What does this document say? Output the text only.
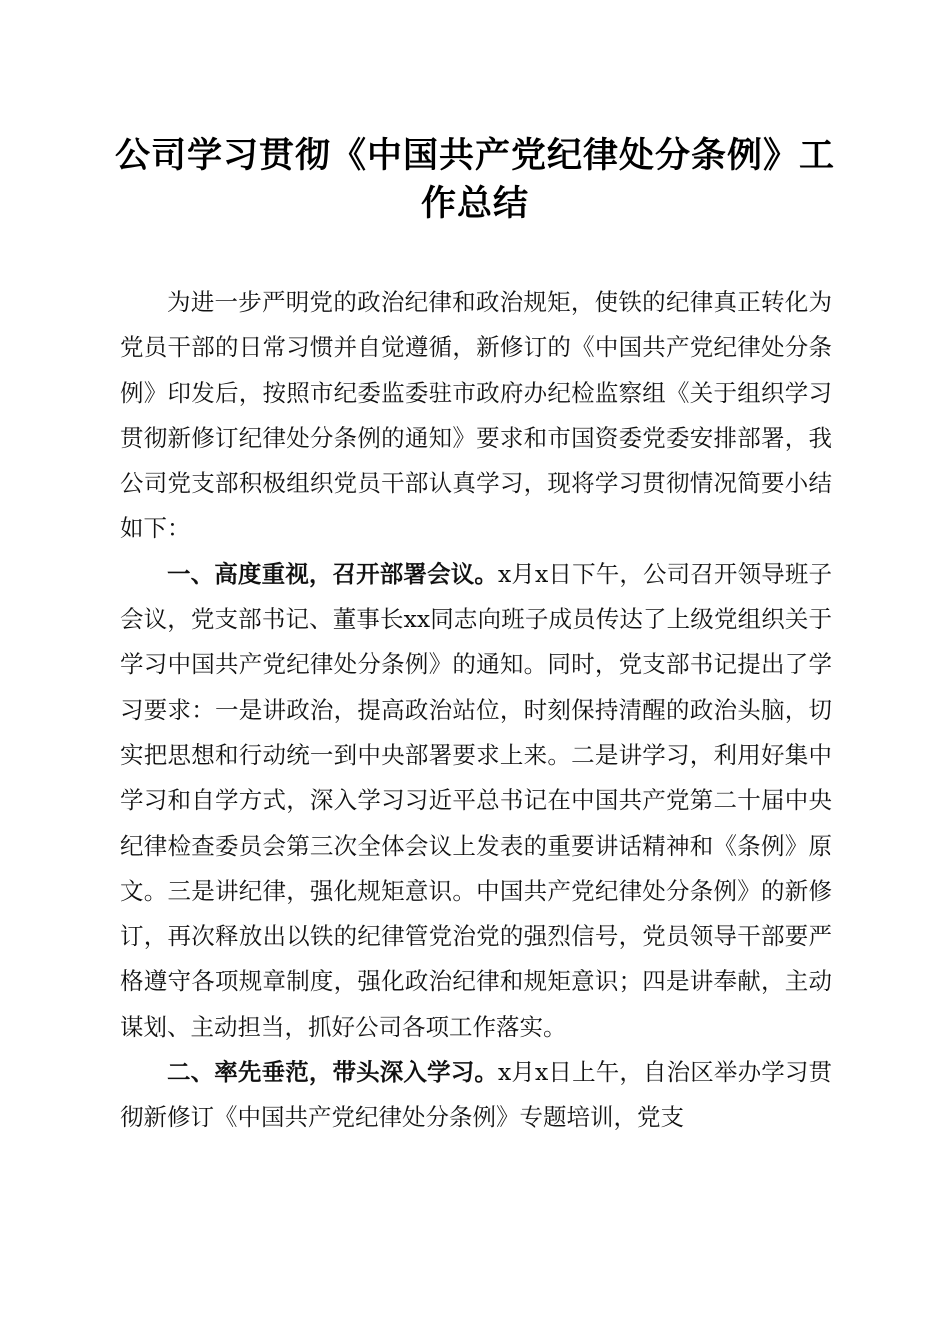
公司学习贯彻《中国共产党纪律处分条例》工作总结

为进一步严明党的政治纪律和政治规矩，使铁的纪律真正转化为党员干部的日常习惯并自觉遵循，新修订的《中国共产党纪律处分条例》印发后，按照市纪委监委驻市政府办纪检监察组《关于组织学习贯彻新修订纪律处分条例的通知》要求和市国资委党委安排部署，我公司党支部积极组织党员干部认真学习，现将学习贯彻情况简要小结如下：

一、高度重视，召开部署会议。x月x日下午，公司召开领导班子会议，党支部书记、董事长xx同志向班子成员传达了上级党组织关于学习中国共产党纪律处分条例》的通知。同时，党支部书记提出了学习要求：一是讲政治，提高政治站位，时刻保持清醒的政治头脑，切实把思想和行动统一到中央部署要求上来。二是讲学习，利用好集中学习和自学方式，深入学习习近平总书记在中国共产党第二十届中央纪律检查委员会第三次全体会议上发表的重要讲话精神和《条例》原文。三是讲纪律，强化规矩意识。中国共产党纪律处分条例》的新修订，再次释放出以铁的纪律管党治党的强烈信号，党员领导干部要严格遵守各项规章制度，强化政治纪律和规矩意识；四是讲奉献，主动谋划、主动担当，抓好公司各项工作落实。

二、率先垂范，带头深入学习。x月x日上午，自治区举办学习贯彻新修订《中国共产党纪律处分条例》专题培训，党支
